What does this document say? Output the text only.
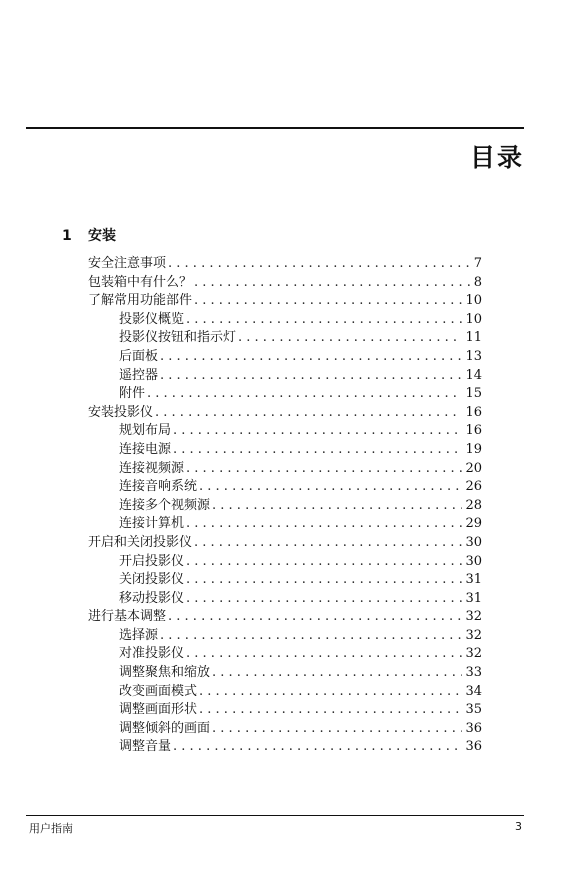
目录
1 安装
安全注意事项 . . .	7
包装箱中有什么？ . . .	8
了解常用功能部件 . . .	10
投影仪概览 . . .	10
投影仪按钮和指示灯 . . .	11
后面板 . . .	13
遥控器 . . .	14
附件 . . .	15
安装投影仪 . . .	16
规划布局 . . .	16
连接电源 . . .	19
连接视频源 . . .	20
连接音响系统 . . .	26
连接多个视频源 . . .	28
连接计算机 . . .	29
开启和关闭投影仪 . . .	30
开启投影仪 . . .	30
关闭投影仪 . . .	31
移动投影仪 . . .	31
进行基本调整 . . .	32
选择源 . . .	32
对准投影仪 . . .	32
调整聚焦和缩放 . . .	33
改变画面模式 . . .	34
调整画面形状 . . .	35
调整倾斜的画面 . . .	36
调整音量 . . .	36
用户指南	3
